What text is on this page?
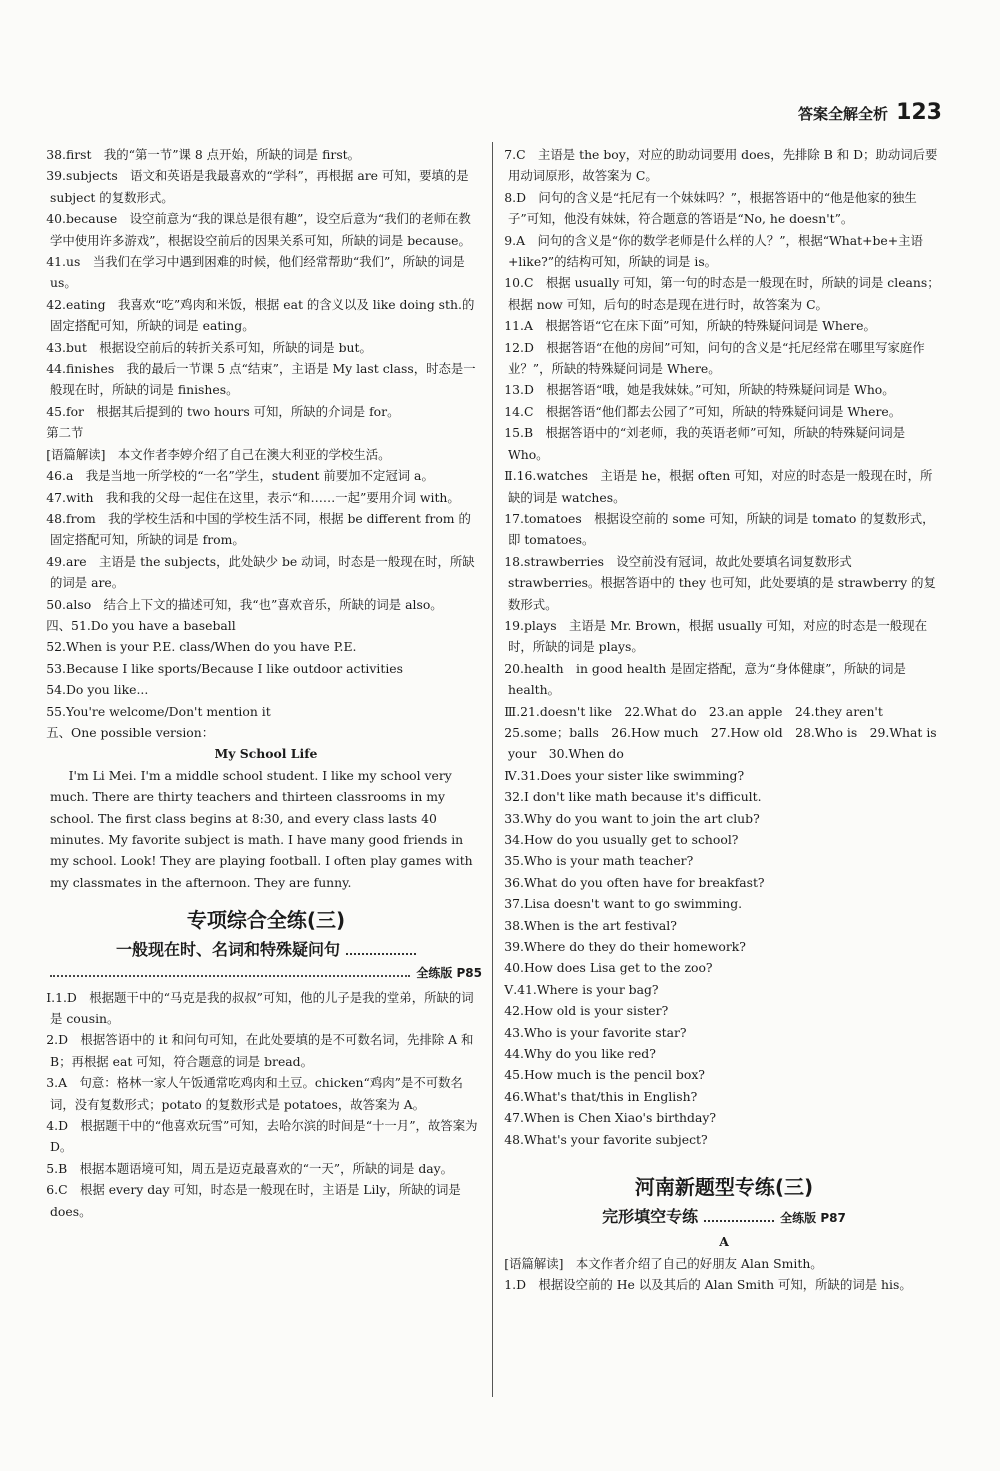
答案全解全析 123

38.first　我的“第一节”课 8 点开始，所缺的词是 first。

39.subjects　语文和英语是我最喜欢的“学科”，再根据 are 可知，要填的是 subject 的复数形式。

40.because　设空前意为“我的课总是很有趣”，设空后意为“我们的老师在教学中使用许多游戏”，根据设空前后的因果关系可知，所缺的词是 because。

41.us　当我们在学习中遇到困难的时候，他们经常帮助“我们”，所缺的词是 us。

42.eating　我喜欢“吃”鸡肉和米饭，根据 eat 的含义以及 like doing sth.的固定搭配可知，所缺的词是 eating。

43.but　根据设空前后的转折关系可知，所缺的词是 but。

44.finishes　我的最后一节课 5 点“结束”，主语是 My last class，时态是一般现在时，所缺的词是 finishes。

45.for　根据其后提到的 two hours 可知，所缺的介词是 for。

第二节

[语篇解读]　本文作者李婷介绍了自己在澳大利亚的学校生活。

46.a　我是当地一所学校的“一名”学生，student 前要加不定冠词 a。

47.with　我和我的父母一起住在这里，表示“和……一起”要用介词 with。

48.from　我的学校生活和中国的学校生活不同，根据 be different from 的固定搭配可知，所缺的词是 from。

49.are　主语是 the subjects，此处缺少 be 动词，时态是一般现在时，所缺的词是 are。

50.also　结合上下文的描述可知，我“也”喜欢音乐，所缺的词是 also。

四、51.Do you have a baseball

52.When is your P.E. class/When do you have P.E.

53.Because I like sports/Because I like outdoor activities

54.Do you like...

55.You're welcome/Don't mention it

五、One possible version：

My School Life

I'm Li Mei. I'm a middle school student. I like my school very much. There are thirty teachers and thirteen classrooms in my school. The first class begins at 8:30, and every class lasts 40 minutes. My favorite subject is math. I have many good friends in my school. Look! They are playing football. I often play games with my classmates in the afternoon. They are funny.

专项综合全练(三)
一般现在时、名词和特殊疑问句
全练版 P85

Ⅰ.1.D　根据题干中的“马克是我的叔叔”可知，他的儿子是我的堂弟，所缺的词是 cousin。

2.D　根据答语中的 it 和问句可知，在此处要填的是不可数名词，先排除 A 和 B；再根据 eat 可知，符合题意的词是 bread。

3.A　句意：格林一家人午饭通常吃鸡肉和土豆。chicken“鸡肉”是不可数名词，没有复数形式；potato 的复数形式是 potatoes，故答案为 A。

4.D　根据题干中的“他喜欢玩雪”可知，去哈尔滨的时间是“十一月”，故答案为 D。

5.B　根据本题语境可知，周五是迈克最喜欢的“一天”，所缺的词是 day。

6.C　根据 every day 可知，时态是一般现在时，主语是 Lily，所缺的词是 does。

7.C　主语是 the boy，对应的助动词要用 does，先排除 B 和 D；助动词后要用动词原形，故答案为 C。

8.D　问句的含义是“托尼有一个妹妹吗？”，根据答语中的“他是他家的独生子”可知，他没有妹妹，符合题意的答语是“No, he doesn't”。

9.A　问句的含义是“你的数学老师是什么样的人？”，根据“What+be+主语+like?”的结构可知，所缺的词是 is。

10.C　根据 usually 可知，第一句的时态是一般现在时，所缺的词是 cleans；根据 now 可知，后句的时态是现在进行时，故答案为 C。

11.A　根据答语“它在床下面”可知，所缺的特殊疑问词是 Where。

12.D　根据答语“在他的房间”可知，问句的含义是“托尼经常在哪里写家庭作业？”，所缺的特殊疑问词是 Where。

13.D　根据答语“哦，她是我妹妹。”可知，所缺的特殊疑问词是 Who。

14.C　根据答语“他们都去公园了”可知，所缺的特殊疑问词是 Where。

15.B　根据答语中的“刘老师，我的英语老师”可知，所缺的特殊疑问词是 Who。

Ⅱ.16.watches　主语是 he，根据 often 可知，对应的时态是一般现在时，所缺的词是 watches。

17.tomatoes　根据设空前的 some 可知，所缺的词是 tomato 的复数形式，即 tomatoes。

18.strawberries　设空前没有冠词，故此处要填名词复数形式 strawberries。根据答语中的 they 也可知，此处要填的是 strawberry 的复数形式。

19.plays　主语是 Mr. Brown，根据 usually 可知，对应的时态是一般现在时，所缺的词是 plays。

20.health　in good health 是固定搭配，意为“身体健康”，所缺的词是 health。

Ⅲ.21.doesn't like　22.What do　23.an apple　24.they aren't

25.some；balls　26.How much　27.How old　28.Who is　29.What is your　30.When do

Ⅳ.31.Does your sister like swimming?

32.I don't like math because it's difficult.

33.Why do you want to join the art club?

34.How do you usually get to school?

35.Who is your math teacher?

36.What do you often have for breakfast?

37.Lisa doesn't want to go swimming.

38.When is the art festival?

39.Where do they do their homework?

40.How does Lisa get to the zoo?

Ⅴ.41.Where is your bag?

42.How old is your sister?

43.Who is your favorite star?

44.Why do you like red?

45.How much is the pencil box?

46.What's that/this in English?

47.When is Chen Xiao's birthday?

48.What's your favorite subject?

河南新题型专练(三)
完形填空专练	全练版 P87

A

[语篇解读]　本文作者介绍了自己的好朋友 Alan Smith。

1.D　根据设空前的 He 以及其后的 Alan Smith 可知，所缺的词是 his。
